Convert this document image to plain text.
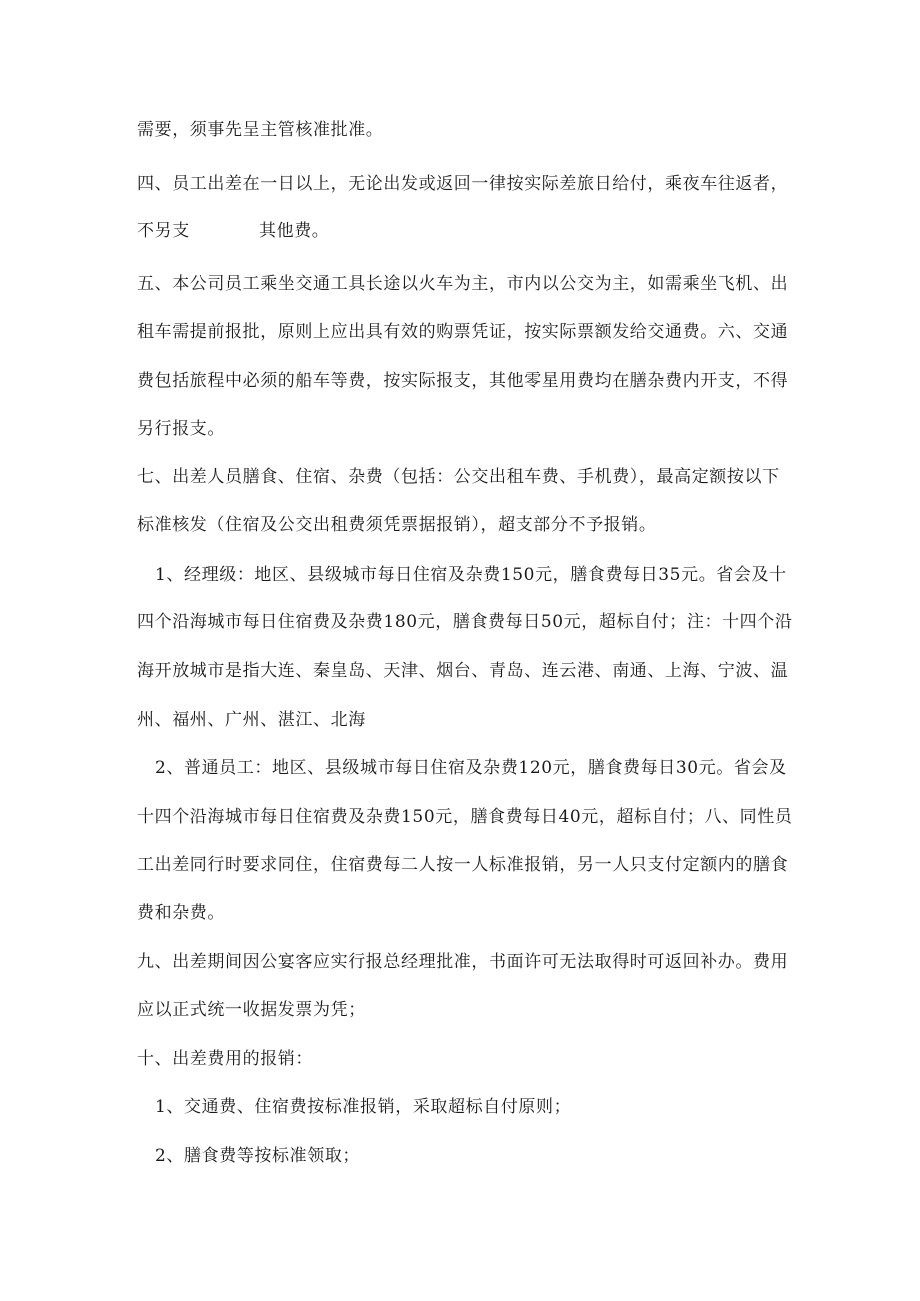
需要，须事先呈主管核准批准。
四、员工出差在一日以上，无论出发或返回一律按实际差旅日给付，乘夜车往返者，
不另支	其他费。
五、本公司员工乘坐交通工具长途以火车为主，市内以公交为主，如需乘坐飞机、出
租车需提前报批，原则上应出具有效的购票凭证，按实际票额发给交通费。六、交通
费包括旅程中必须的船车等费，按实际报支，其他零星用费均在膳杂费内开支，不得
另行报支。
七、出差人员膳食、住宿、杂费（包括：公交出租车费、手机费），最高定额按以下
标准核发（住宿及公交出租费须凭票据报销），超支部分不予报销。
1、经理级：地区、县级城市每日住宿及杂费150元，膳食费每日35元。省会及十
四个沿海城市每日住宿费及杂费180元，膳食费每日50元，超标自付；注：十四个沿
海开放城市是指大连、秦皇岛、天津、烟台、青岛、连云港、南通、上海、宁波、温
州、福州、广州、湛江、北海
2、普通员工：地区、县级城市每日住宿及杂费120元，膳食费每日30元。省会及
十四个沿海城市每日住宿费及杂费150元，膳食费每日40元，超标自付；八、同性员
工出差同行时要求同住，住宿费每二人按一人标准报销，另一人只支付定额内的膳食
费和杂费。
九、出差期间因公宴客应实行报总经理批准，书面许可无法取得时可返回补办。费用
应以正式统一收据发票为凭；
十、出差费用的报销：
1、交通费、住宿费按标准报销，采取超标自付原则；
2、膳食费等按标准领取；
